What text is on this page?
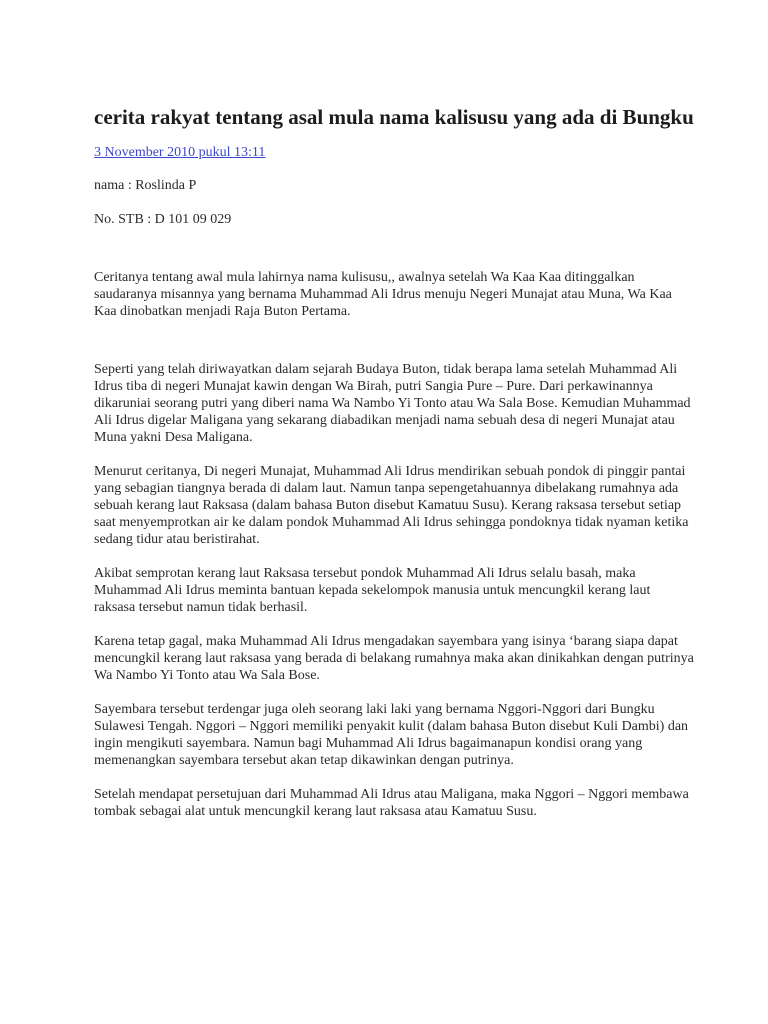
cerita rakyat tentang asal mula nama kalisusu yang ada di Bungku
3 November 2010 pukul 13:11

nama : Roslinda P

No. STB : D 101 09 029

Ceritanya tentang awal mula lahirnya nama kulisusu,, awalnya setelah Wa Kaa Kaa ditinggalkan saudaranya misannya yang bernama Muhammad Ali Idrus menuju Negeri Munajat atau Muna, Wa Kaa Kaa dinobatkan menjadi Raja Buton Pertama.

Seperti yang telah diriwayatkan dalam sejarah Budaya Buton, tidak berapa lama setelah Muhammad Ali Idrus tiba di negeri Munajat kawin dengan Wa Birah, putri Sangia Pure – Pure. Dari perkawinannya dikaruniai seorang putri yang diberi nama Wa Nambo Yi Tonto atau Wa Sala Bose. Kemudian Muhammad Ali Idrus digelar Maligana yang sekarang diabadikan menjadi nama sebuah desa di negeri Munajat atau Muna yakni Desa Maligana.

Menurut ceritanya, Di negeri Munajat, Muhammad Ali Idrus mendirikan sebuah pondok di pinggir pantai yang sebagian tiangnya berada di dalam laut. Namun tanpa sepengetahuannya dibelakang rumahnya ada sebuah kerang laut Raksasa (dalam bahasa Buton disebut Kamatuu Susu). Kerang raksasa tersebut setiap saat menyemprotkan air ke dalam pondok Muhammad Ali Idrus sehingga pondoknya tidak nyaman ketika sedang tidur atau beristirahat.

Akibat semprotan kerang laut Raksasa tersebut pondok Muhammad Ali Idrus selalu basah, maka Muhammad Ali Idrus meminta bantuan kepada sekelompok manusia untuk mencungkil kerang laut raksasa tersebut namun tidak berhasil.

Karena tetap gagal, maka Muhammad Ali Idrus mengadakan sayembara yang isinya ‘barang siapa dapat mencungkil kerang laut raksasa yang berada di belakang rumahnya maka akan dinikahkan dengan putrinya Wa Nambo Yi Tonto atau Wa Sala Bose.

Sayembara tersebut terdengar juga oleh seorang laki laki yang bernama Nggori-Nggori dari Bungku Sulawesi Tengah. Nggori – Nggori memiliki penyakit kulit (dalam bahasa Buton disebut Kuli Dambi) dan ingin mengikuti sayembara. Namun bagi Muhammad Ali Idrus bagaimanapun kondisi orang yang memenangkan sayembara tersebut akan tetap dikawinkan dengan putrinya.

Setelah mendapat persetujuan dari Muhammad Ali Idrus atau Maligana, maka Nggori – Nggori membawa tombak sebagai alat untuk mencungkil kerang laut raksasa atau Kamatuu Susu.
